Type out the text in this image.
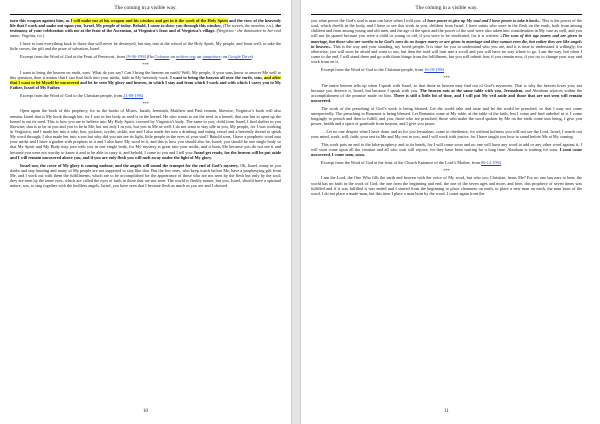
The coming in a visible way.

turn this weapon against him, as I will make use of his weapon and his window and get in it the work of the Holy Spirit and the view of the heavenly life that I work and make out upon you, Israel, My people of today. Behold, I came to show you through this window, (The screen, the monitor, r.n.), the testimony of your celebration with me at the feast of the Ascension, at Virginica’s feast and of Vergirica’s village. (Vergirica - the diminutive to her real name, Virginia, r.n.)

I have to turn everything back to those that will never be destroyed, but stay into at the school of the Holy Spirit, My people, and learn well, to take the little crown, the gift and the prize of salvation, Israel.

Excerpt from the Word of God at the Feast of Pentecost, from 19-06-1994 (On Cuframe on archive.org; on jumpsiture; on Google Drive)

***

I want to bring the heaven on earth, sons. What do you say? Can I bring the heaven on earth? Well, My people, if your sons know to answer Me well to this question, then it means that I can find faith into your midst, faith in My heavenly work. I want to bring the heaven all over the earth, sons, and after that I want to let Myself be uncovered and let be seen My glory and heaven, in which I stay and from which I work and with which I carry you to My Father, Israel of My Father.

Excerpt from the Word of God to the Christian people, from 21-08-1994

***

Open again the book of this prophecy, for as the books of Moses, Isaiah, Jeremiah, Matthew and Paul remain, likewise, Virginica’s book will also remain, Israel that is My book through her, for I was in her body as seed is in the kernel. He who wants to eat the seed in a kernel, that one has to open up the kernel to eat its seed. This is how you are to believe into My Holy Spirit, covered by Virginica’s body. The same to you, child from Israel, I find shelter in you likewise; that is to be in you and you to be in Me, but not only I in you, but you in Me as well. I do not want to stay idle in you, My people, for I was working in Verginica, and I made her into a rake, hoe, pickaxe, scythe, sickle, axe and I also made her into a drinking and eating vessel and a heavenly thread to speak My word through; I also made her into a son but why did you not see its light, little people in the eyes of your soul? Behold sons, I have a prophetic word into your midst and I have a garden with prophets in it and I also have My word in it, and this is how you should also be, Israel; you should be one single body so that My Spirit and My Body may join with you in one single body, for My mystery is great into your midst, and it hurts Me because you do not see it and because you were not worthy to know it and to be able to carry it, and behold, I come to you and I tell you: Israel get ready, for the heaven will be put aside and I will remain uncovered above you, and if you are only flesh you will melt away under the light of My glory.

Israel son, the cover of My glory is coming undone, and the angels will sound the trumpet for the end of God’s mystery. Oh, Israel, many in you doubt and stay hunting and many of My people are not supposed to stay like that. But the few ones, who keep watch before Me, have a prophesying gift from Me, and I work out with them the fulfillments, which are to be accomplished for the appearance of those who are not seen by the flesh but only by the soul; they are seen by the inner eyes, which are called the eyes of faith in those that are not seen. The world is fleshly nature, but you, Israel, should have a spiritual nature, son, to sing together with the bodiless angels. Israel, you have seen that I became flesh as much as you are and I showed

10
The coming in a visible way.

you what power the God’s soul is man can have when I told you: «I have power to give up My soul and I have power to take it back». This is the power of the soul, which dwells in the body, and I have to see this work in you, children from Israel. I have saints who were in the flesh on the earth, both from among children and from among young and old men, and the age of the spirit and the power of the soul were also taken into consideration in My case as well, and you will not be spared because you were a child or young or old, if you were to be vindicated, for it is written: «The sons of this age marry and are given in marriage, but those who are worthy to be God’s sons do no longer marry or are given in marriage and they cannot even die, but rather they are like angels in heaven». This is the way and your standing, my loved people. It is time for you to understand who you are, and it is time to understand it willingly, for otherwise, you will soon be afraid and want to run, but then the road will turn into a scroll and you will have no way where to go. I am the way, but when I come to the end, I will stand there and go with those things from the fulfillment, but you will inherit fear, if you remain now, if you try to change your way and work from on it.

Excerpt from the Word of God to the Christian people, from 16-10-1994

***

The entire heaven tells up when I speak with Israel, so that those in heaven may find out of God’s mysteries. That is why the heaven loves you; not because you deserve it, Israel, but because I speak with you. The heaven eats at the same table with you, Jerusalem, and Abraham rejoices within the accomplishment of the promise made on him. There is still a little bit of time, and I will put My veil aside and those that are not seen will remain uncovered.

The work of the preaching of God’s work is being blessed. Let the world take and taste and let the world be preached, so that I may not come unexpectedly. The preaching to Romania is being blessed. Let Romania come at My table, at the table of the faith; lest I come and find unbelief in it. I come longingly to preach and then to fulfill, and you, those who are preached, those who make the word spoken by Me on the earth come into being, I give you power, health and a spirit of gratitude from heaven, and I give you peace.

… Let no one despise what I have done, and as for you Jerusalem, come to obedience, for without holiness you will not see the Lord. Israel, I search out your mind, work, will, faith, your rest in Me and My rest in you, and I will work with justice, for I have taught you how to stand before Me at My coming.

This work puts an end to the false-prophecy and to its heads, for I will come soon and no one will have any word to add or any other word against it. I will soon come upon all the creation and all who wait will rejoice, for they have been waiting for a long time. Abraham is waiting for sons. I soon come uncovered. I come soon, soon.

Excerpt from the Word of God at the feast of the Church Entrance of the Lord’s Mother, from 06-12-1994

***

I am the Lord, the One Who fills the earth and heaven with the voice of My word, but who you Christian, hears Me? For no one has ears to hear, the world has no faith in the work of God, the one from the beginning and end, the one of the seven ages and more, and here, this prophecy of seven times was fulfilled and if it was fulfilled it was ended and I started from the beginning to place cleanness on earth, to place a new man on earth, the man born of the word. I do not place a made-man, but this time I place a man born by the word. I count again from the

11
